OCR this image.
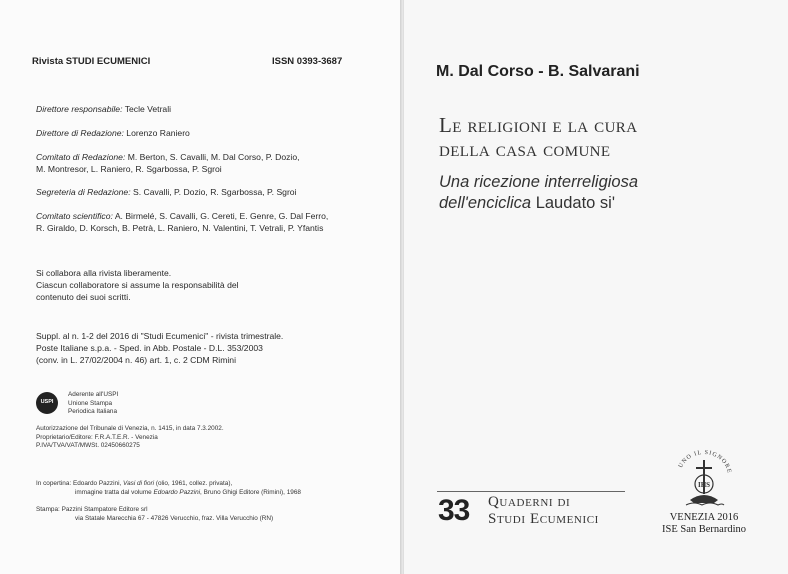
Rivista STUDI ECUMENICI	ISSN 0393-3687
Direttore responsabile: Tecle Vetrali
Direttore di Redazione: Lorenzo Raniero
Comitato di Redazione: M. Berton, S. Cavalli, M. Dal Corso, P. Dozio,
M. Montresor, L. Raniero, R. Sgarbossa, P. Sgroi
Segreteria di Redazione: S. Cavalli, P. Dozio, R. Sgarbossa, P. Sgroi
Comitato scientifico: A. Birmelé, S. Cavalli, G. Cereti, E. Genre, G. Dal Ferro,
R. Giraldo, D. Korsch, B. Petrà, L. Raniero, N. Valentini, T. Vetrali, P. Yfantis
Si collabora alla rivista liberamente.
Ciascun collaboratore si assume la responsabilità del
contenuto dei suoi scritti.
Suppl. al n. 1-2 del 2016 di "Studi Ecumenici" - rivista trimestrale.
Poste Italiane s.p.a. - Sped. in Abb. Postale - D.L. 353/2003
(conv. in L. 27/02/2004 n. 46) art. 1, c. 2 CDM Rimini
USPI
Aderente all'USPI
Unione Stampa
Periodica Italiana
Autorizzazione del Tribunale di Venezia, n. 1415, in data 7.3.2002.
Proprietario/Editore: F.R.A.T.E.R. - Venezia
P.IVA/TVA/VAT/MWSt. 02450660275
In copertina: Edoardo Pazzini, Vasi di fiori (olio, 1961, collez. privata),
immagine tratta dal volume Edoardo Pazzini, Bruno Ghigi Editore (Rimini), 1968
Stampa: Pazzini Stampatore Editore srl
via Statale Marecchia 67 - 47826 Verucchio, fraz. Villa Verucchio (RN)
M. Dal Corso - B. Salvarani
Le religioni e la cura
della casa comune
Una ricezione interreligiosa
dell'enciclica Laudato si'
33 Quaderni di
Studi Ecumenici
UNO IL SIGNORE
IHS
VENEZIA 2016
ISE San Bernardino
